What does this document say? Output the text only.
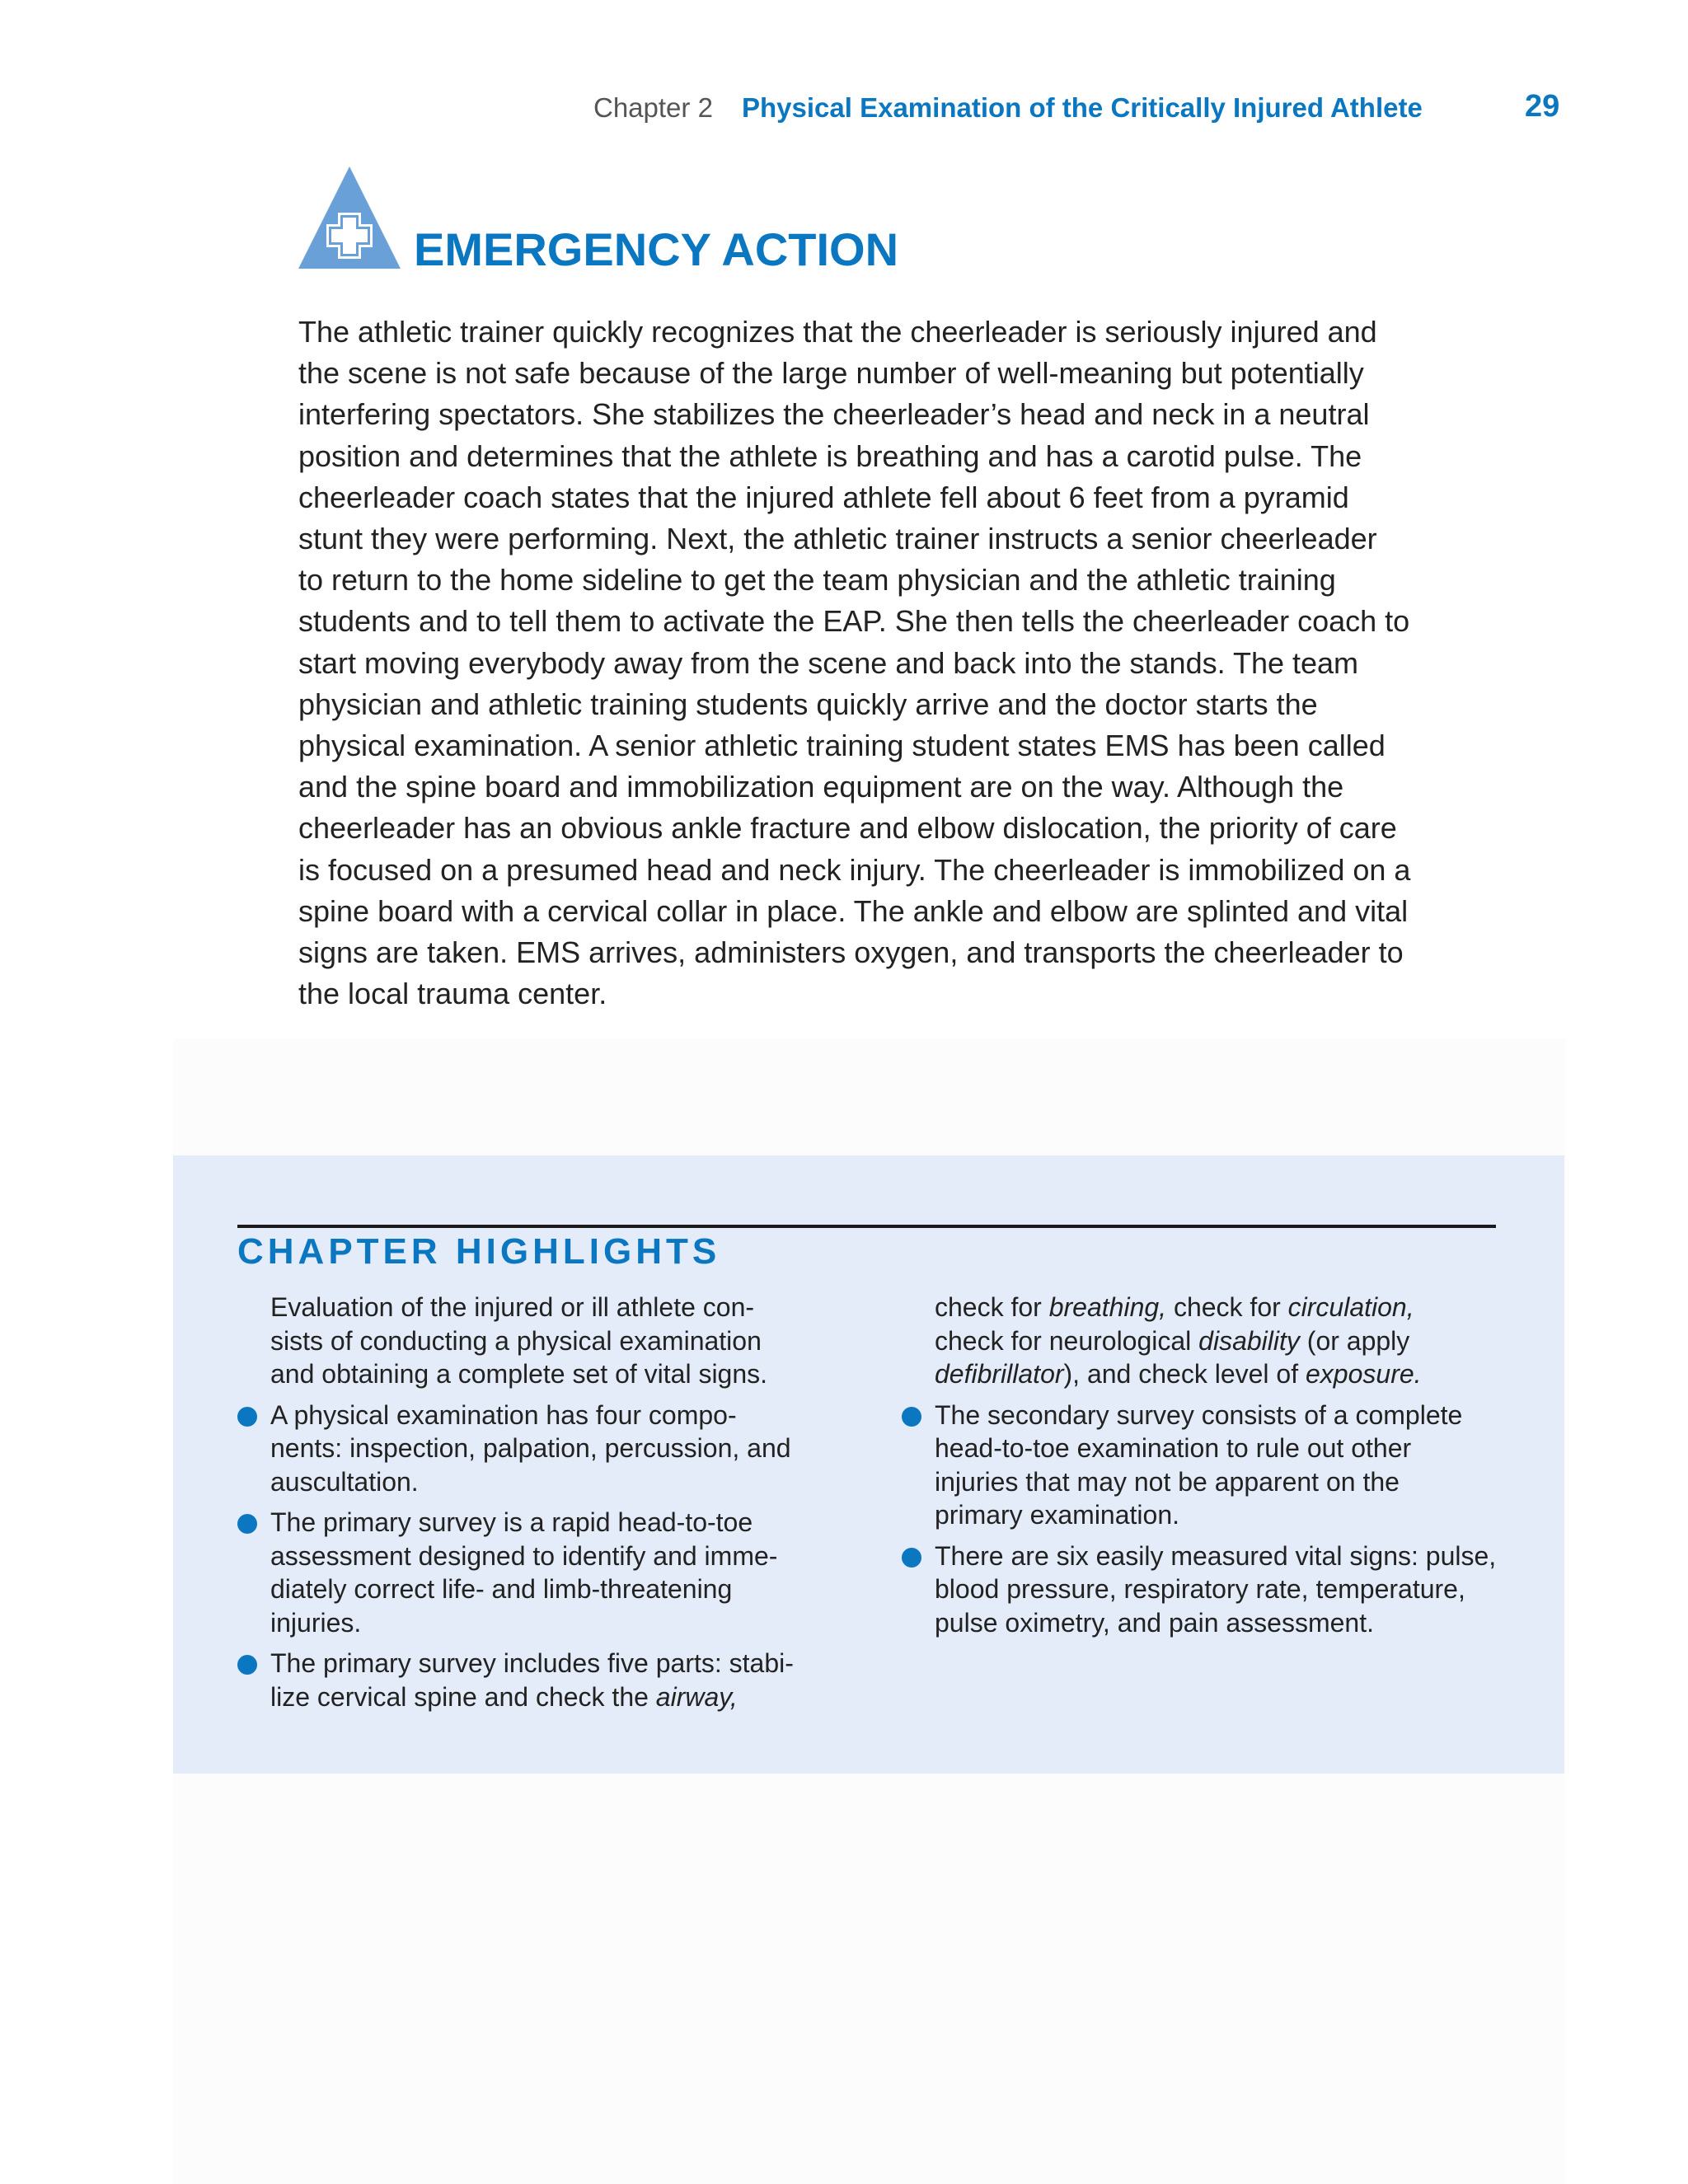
Chapter 2 Physical Examination of the Critically Injured Athlete	29
EMERGENCY ACTION
The athletic trainer quickly recognizes that the cheerleader is seriously injured and
the scene is not safe because of the large number of well-meaning but potentially
interfering spectators. She stabilizes the cheerleader’s head and neck in a neutral
position and determines that the athlete is breathing and has a carotid pulse. The
cheerleader coach states that the injured athlete fell about 6 feet from a pyramid
stunt they were performing. Next, the athletic trainer instructs a senior cheerleader
to return to the home sideline to get the team physician and the athletic training
students and to tell them to activate the EAP. She then tells the cheerleader coach to
start moving everybody away from the scene and back into the stands. The team
physician and athletic training students quickly arrive and the doctor starts the
physical examination. A senior athletic training student states EMS has been called
and the spine board and immobilization equipment are on the way. Although the
cheerleader has an obvious ankle fracture and elbow dislocation, the priority of care
is focused on a presumed head and neck injury. The cheerleader is immobilized on a
spine board with a cervical collar in place. The ankle and elbow are splinted and vital
signs are taken. EMS arrives, administers oxygen, and transports the cheerleader to
the local trauma center.
CHAPTER HIGHLIGHTS
Evaluation of the injured or ill athlete con-
sists of conducting a physical examination
and obtaining a complete set of vital signs.
A physical examination has four compo-
nents: inspection, palpation, percussion, and
auscultation.
The primary survey is a rapid head-to-toe
assessment designed to identify and imme-
diately correct life- and limb-threatening
injuries.
The primary survey includes five parts: stabi-
lize cervical spine and check the airway,
check for breathing, check for circulation,
check for neurological disability (or apply
defibrillator), and check level of exposure.
The secondary survey consists of a complete
head-to-toe examination to rule out other
injuries that may not be apparent on the
primary examination.
There are six easily measured vital signs: pulse,
blood pressure, respiratory rate, temperature,
pulse oximetry, and pain assessment.
